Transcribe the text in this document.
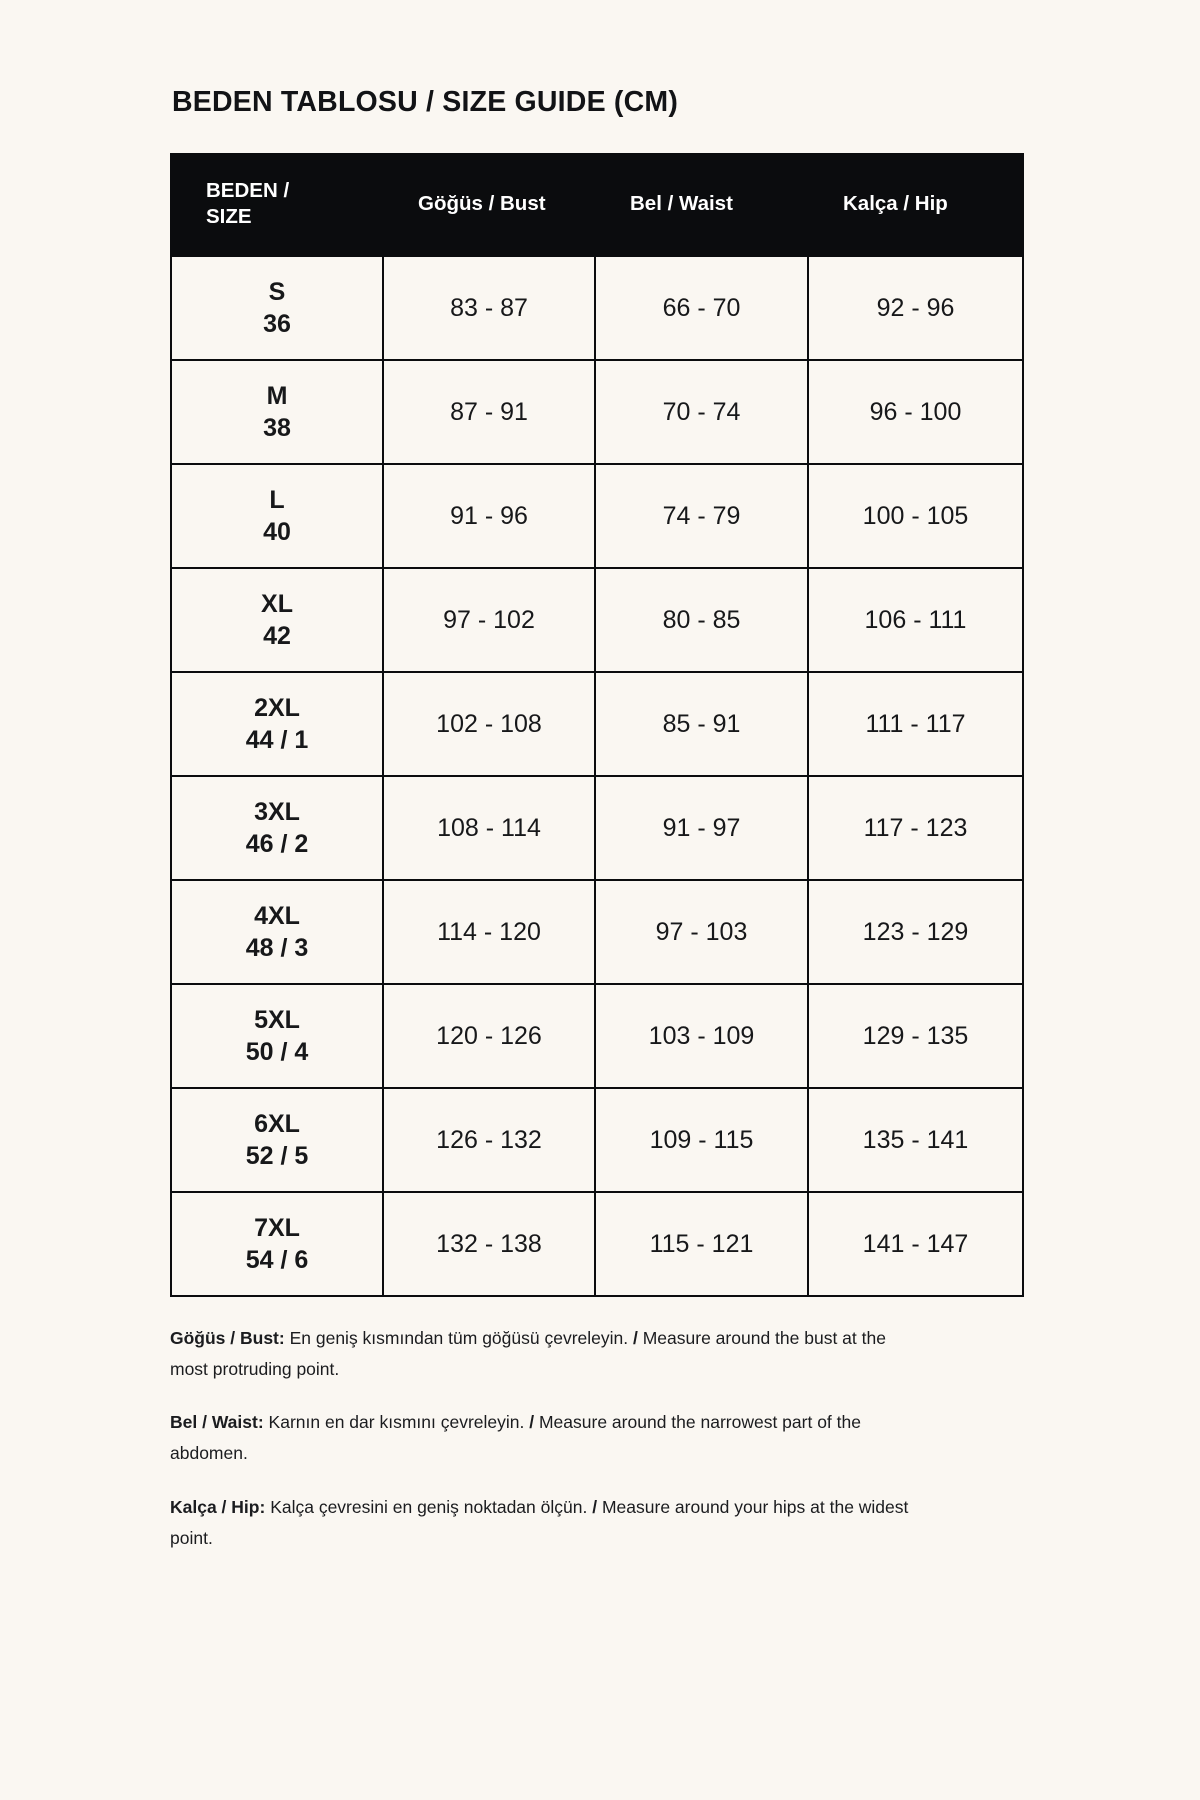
BEDEN TABLOSU / SIZE GUIDE (CM)
BEDEN /
SIZE	Göğüs / Bust	Bel / Waist	Kalça / Hip

S
36	83 - 87	66 - 70	92 - 96

M
38	87 - 91	70 - 74	96 - 100

L
40	91 - 96	74 - 79	100 - 105

XL
42	97 - 102	80 - 85	106 - 111

2XL
44 / 1	102 - 108	85 - 91	111 - 117

3XL
46 / 2	108 - 114	91 - 97	117 - 123

4XL
48 / 3	114 - 120	97 - 103	123 - 129

5XL
50 / 4	120 - 126	103 - 109	129 - 135

6XL
52 / 5	126 - 132	109 - 115	135 - 141

7XL
54 / 6	132 - 138	115 - 121	141 - 147

Göğüs / Bust: En geniş kısmından tüm göğüsü çevreleyin. / Measure around the bust at the most protruding point.

Bel / Waist: Karnın en dar kısmını çevreleyin. / Measure around the narrowest part of the abdomen.

Kalça / Hip: Kalça çevresini en geniş noktadan ölçün. / Measure around your hips at the widest point.
